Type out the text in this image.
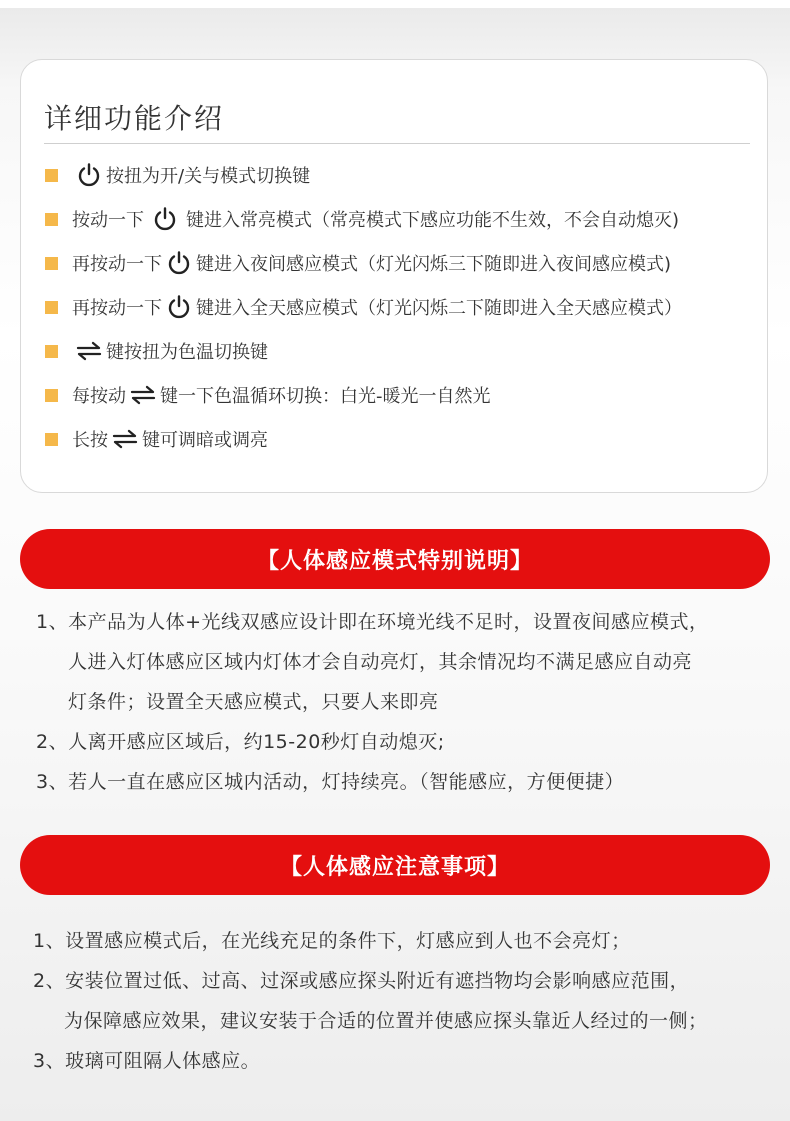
详细功能介绍
按扭为开/关与模式切换键
按动一下 键进入常亮模式（常亮模式下感应功能不生效，不会自动熄灭)
再按动一下 键进入夜间感应模式（灯光闪烁三下随即进入夜间感应模式)
再按动一下 键进入全天感应模式（灯光闪烁二下随即进入全天感应模式）
键按扭为色温切换键
每按动 键一下色温循环切换：白光-暖光一自然光
长按 键可调暗或调亮
【人体感应模式特别说明】
1、本产品为人体+光线双感应设计即在环境光线不足时，设置夜间感应模式，
人进入灯体感应区域内灯体才会自动亮灯，其余情况均不满足感应自动亮
灯条件；设置全天感应模式，只要人来即亮
2、人离开感应区域后，约15-20秒灯自动熄灭;
3、若人一直在感应区城内活动，灯持续亮。（智能感应，方便便捷）
【人体感应注意事项】
1、设置感应模式后，在光线充足的条件下，灯感应到人也不会亮灯；
2、安装位置过低、过高、过深或感应探头附近有遮挡物均会影响感应范围，
为保障感应效果，建议安装于合适的位置并使感应探头靠近人经过的一侧；
3、玻璃可阻隔人体感应。
